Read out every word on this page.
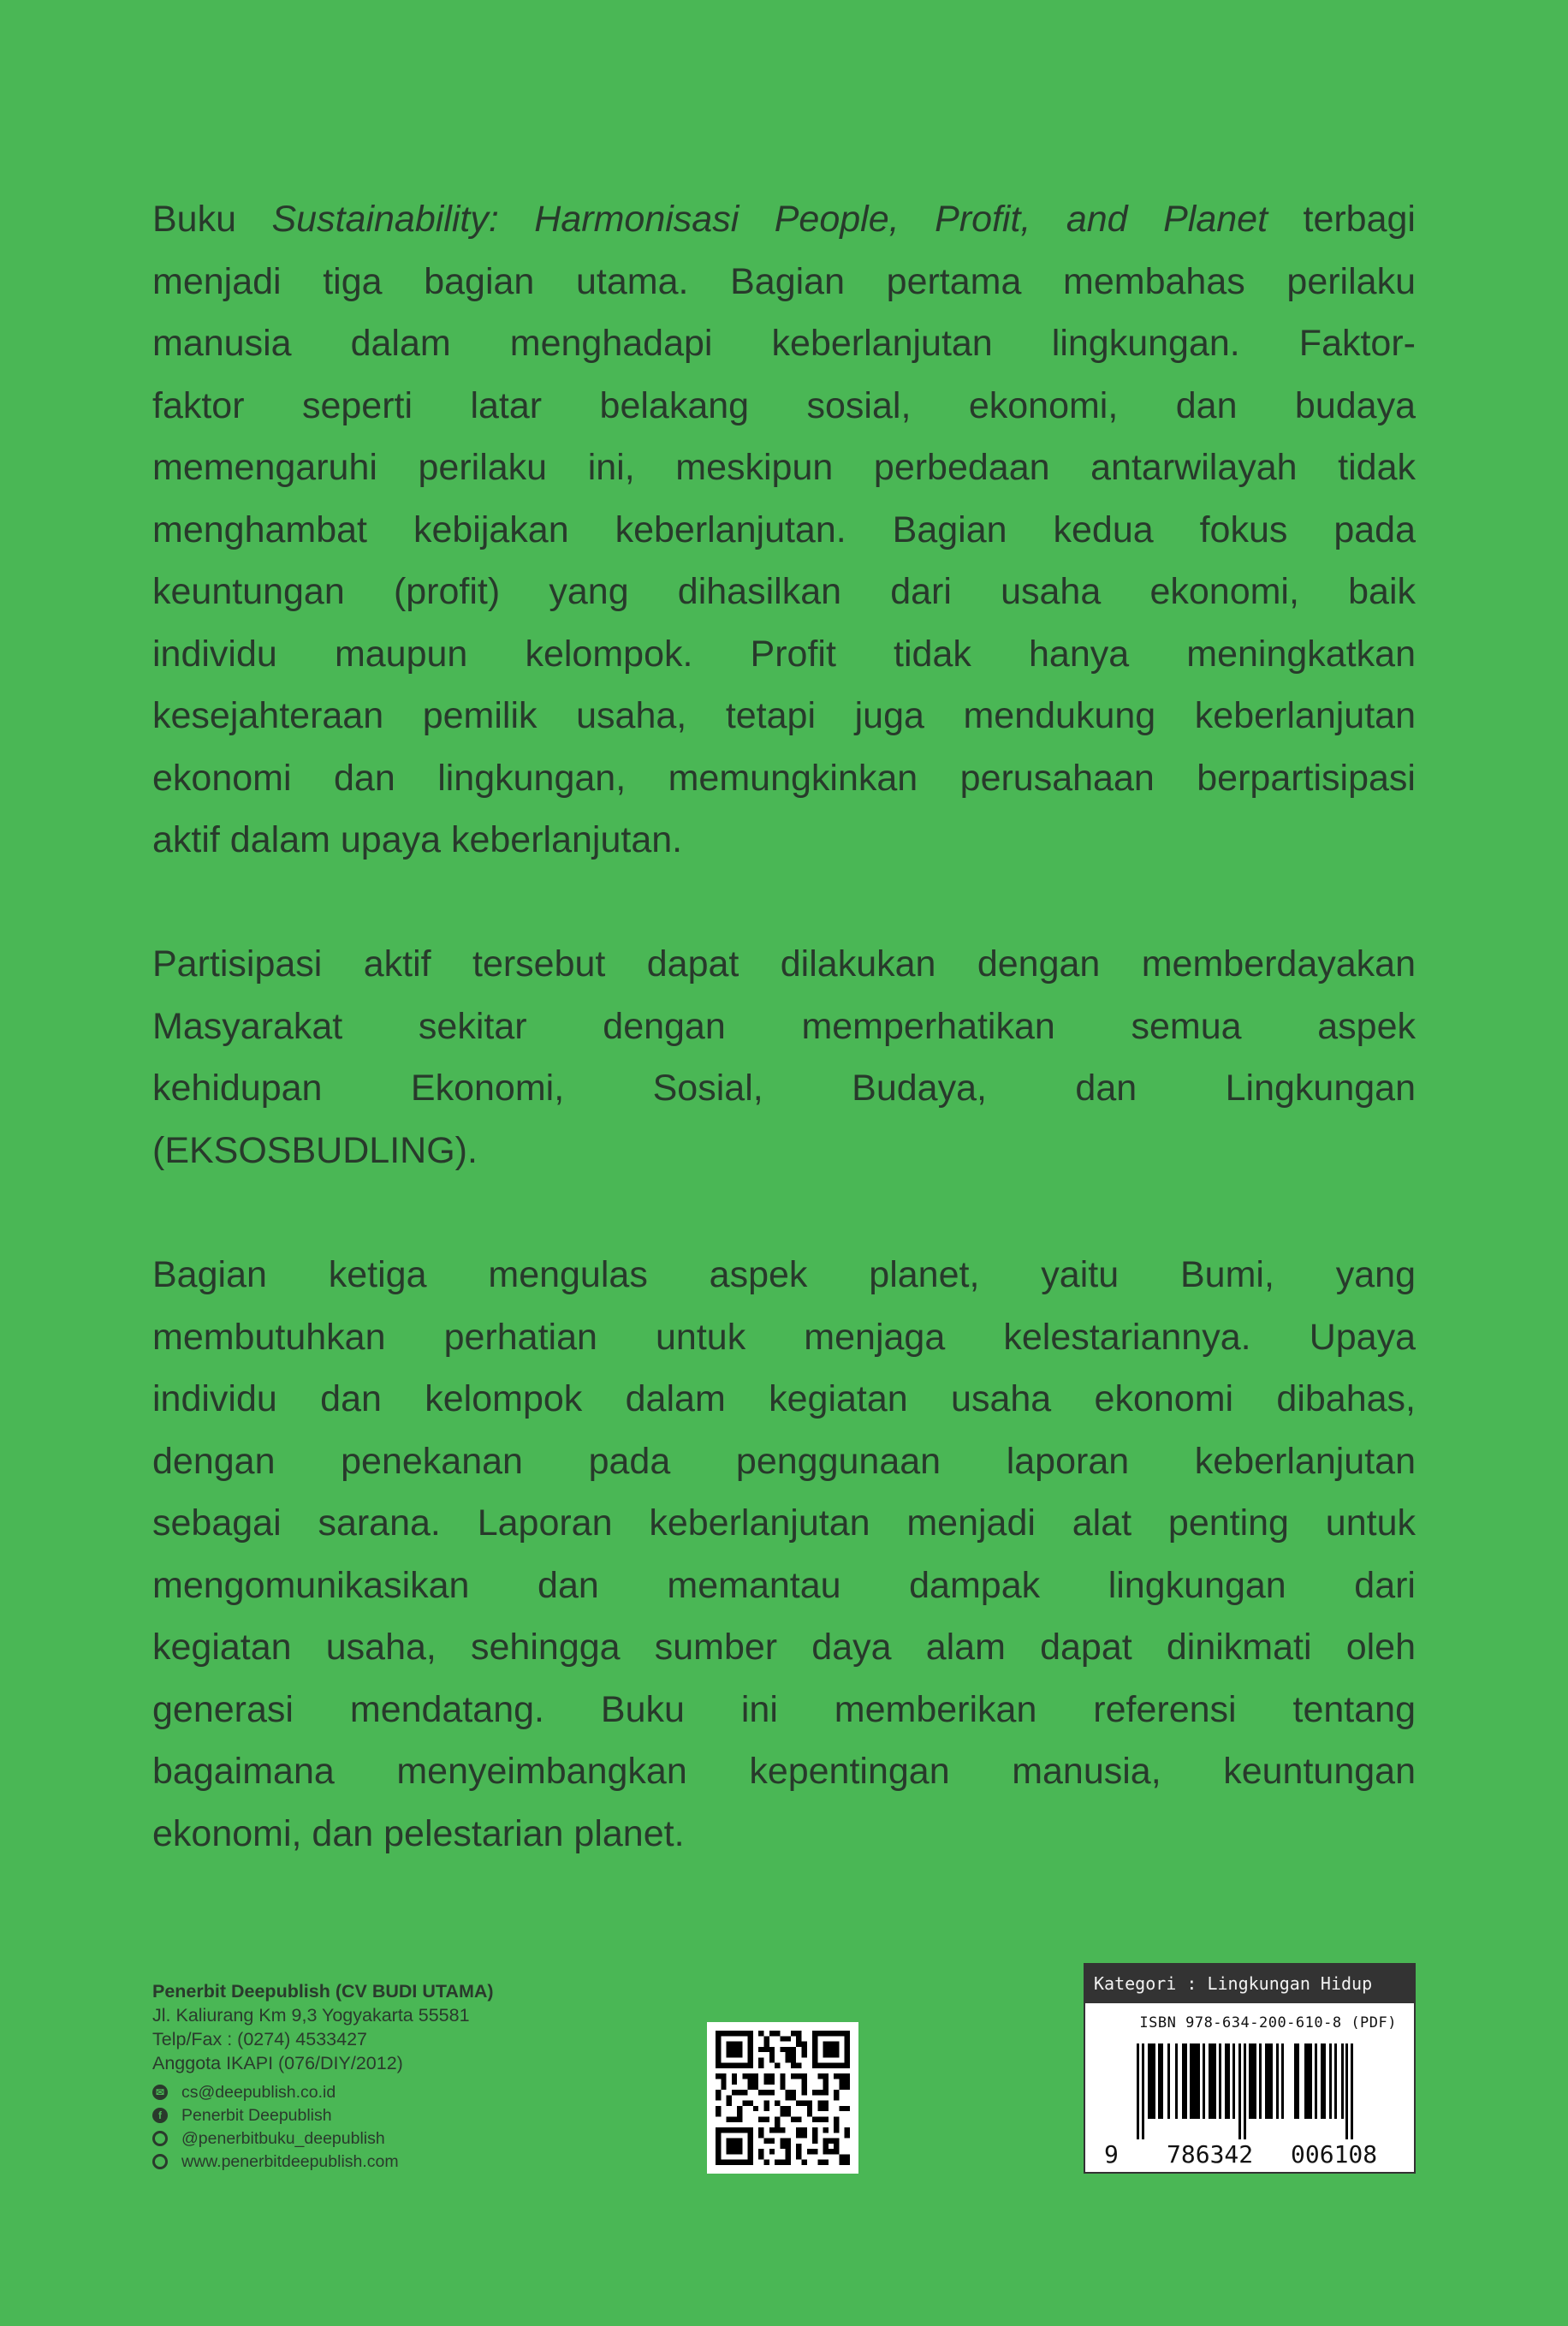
Buku Sustainability: Harmonisasi People, Profit, and Planet terbagi
menjadi tiga bagian utama. Bagian pertama membahas perilaku
manusia dalam menghadapi keberlanjutan lingkungan. Faktor-
faktor seperti latar belakang sosial, ekonomi, dan budaya
memengaruhi perilaku ini, meskipun perbedaan antarwilayah tidak
menghambat kebijakan keberlanjutan. Bagian kedua fokus pada
keuntungan (profit) yang dihasilkan dari usaha ekonomi, baik
individu maupun kelompok. Profit tidak hanya meningkatkan
kesejahteraan pemilik usaha, tetapi juga mendukung keberlanjutan
ekonomi dan lingkungan, memungkinkan perusahaan berpartisipasi
aktif dalam upaya keberlanjutan.
Partisipasi aktif tersebut dapat dilakukan dengan memberdayakan
Masyarakat sekitar dengan memperhatikan semua aspek
kehidupan Ekonomi, Sosial, Budaya, dan Lingkungan
(EKSOSBUDLING).
Bagian ketiga mengulas aspek planet, yaitu Bumi, yang
membutuhkan perhatian untuk menjaga kelestariannya. Upaya
individu dan kelompok dalam kegiatan usaha ekonomi dibahas,
dengan penekanan pada penggunaan laporan keberlanjutan
sebagai sarana. Laporan keberlanjutan menjadi alat penting untuk
mengomunikasikan dan memantau dampak lingkungan dari
kegiatan usaha, sehingga sumber daya alam dapat dinikmati oleh
generasi mendatang. Buku ini memberikan referensi tentang
bagaimana menyeimbangkan kepentingan manusia, keuntungan
ekonomi, dan pelestarian planet.
Penerbit Deepublish (CV BUDI UTAMA)
Jl. Kaliurang Km 9,3 Yogyakarta 55581
Telp/Fax : (0274) 4533427
Anggota IKAPI (076/DIY/2012)
✉ cs@deepublish.co.id
f	Penerbit Deepublish
@penerbitbuku_deepublish
www.penerbitdeepublish.com
Kategori : Lingkungan Hidup
ISBN 978-634-200-610-8 (PDF)
9 786342 006108
